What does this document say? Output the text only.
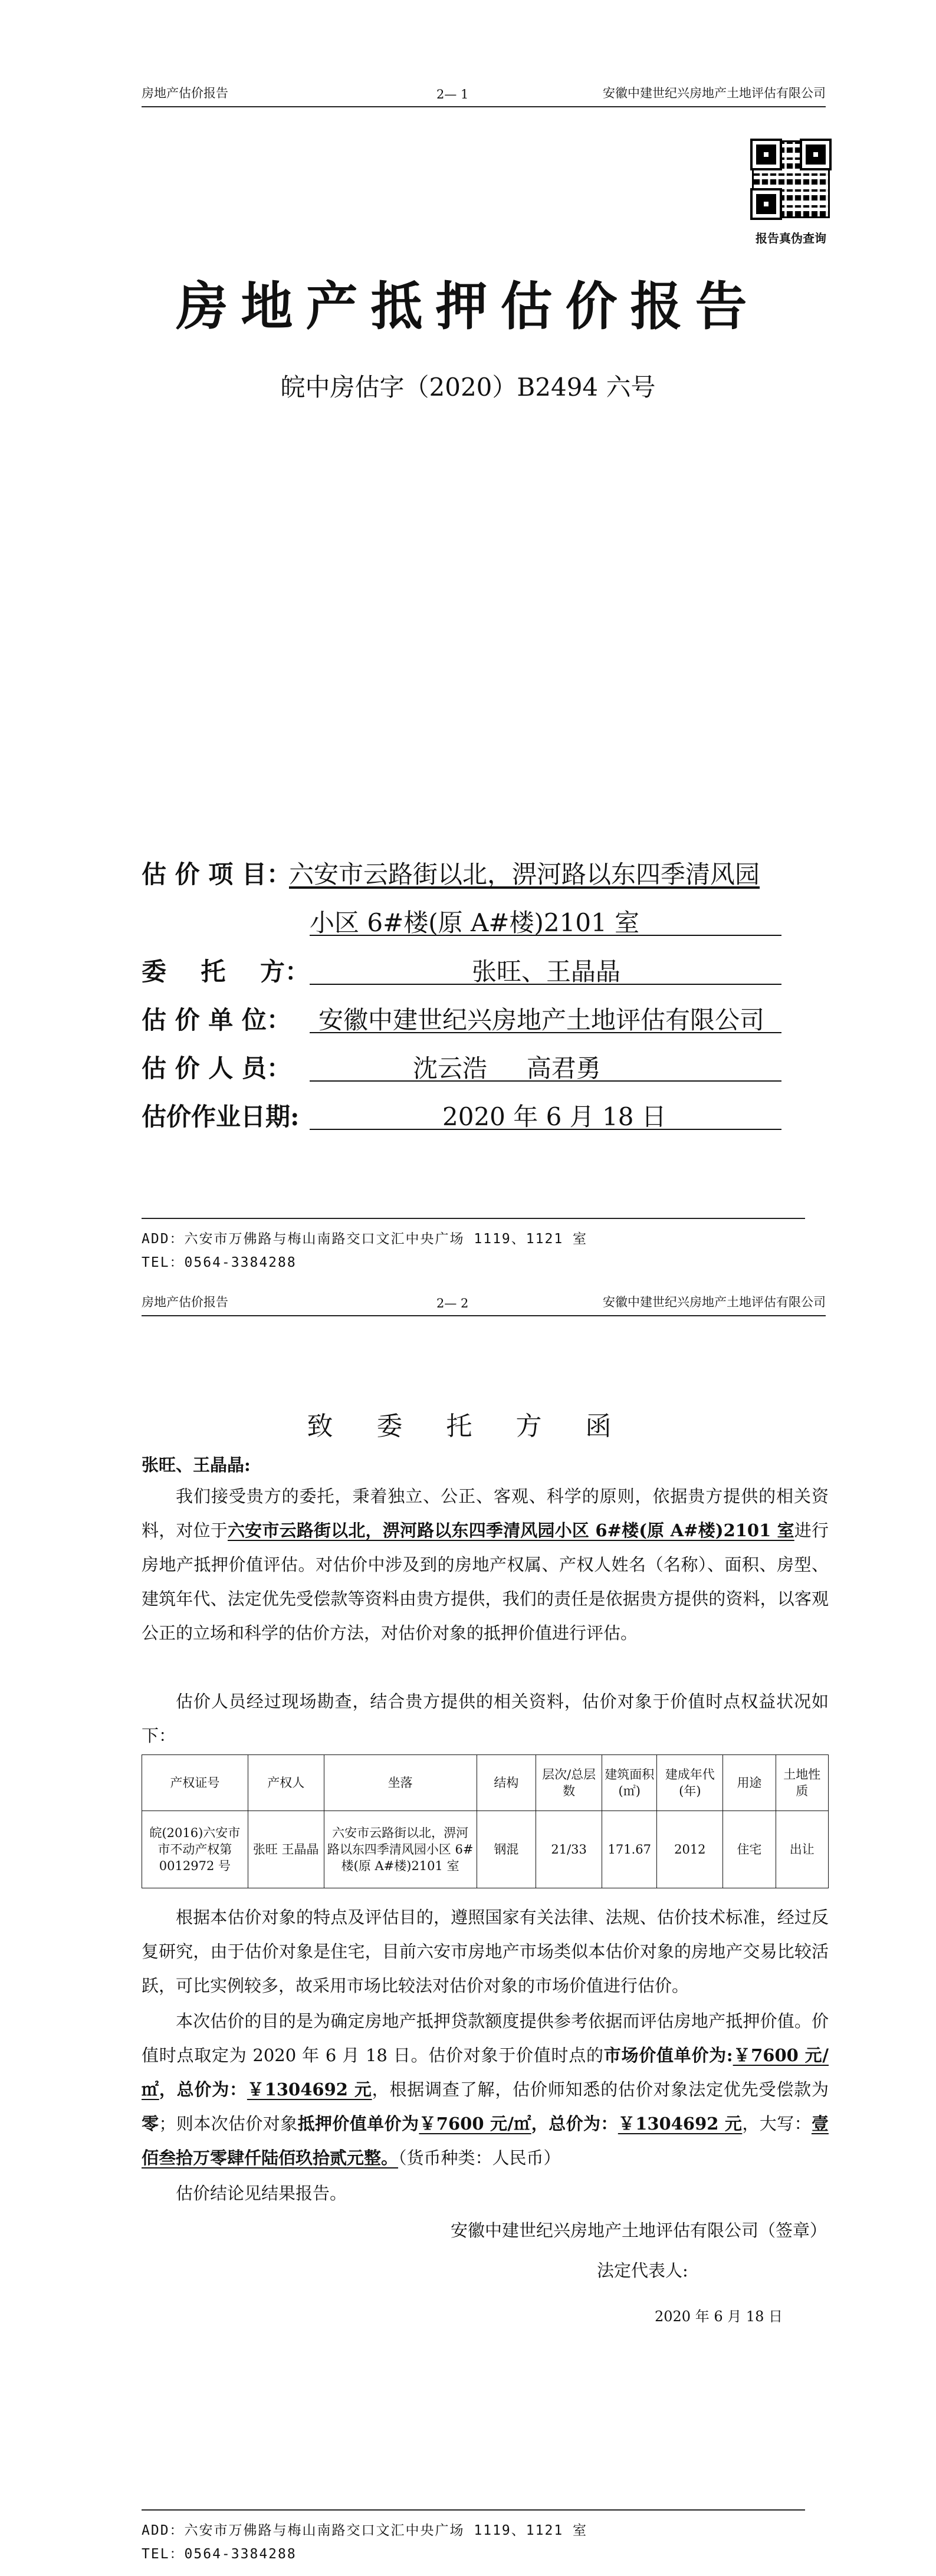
房地产估价报告	2— 1	安徽中建世纪兴房地产土地评估有限公司
报告真伪查询
房地产抵押估价报告
皖中房估字（2020）B2494 六号
估 价 项 目：
六安市云路街以北，淠河路以东四季清风园
小区 6#楼(原 A#楼)2101 室
委    托    方：	张旺、王晶晶
估 价 单 位： 安徽中建世纪兴房地产土地评估有限公司
估 价 人 员：	沈云浩     高君勇
估价作业日期:	2020 年 6 月 18 日
ADD：六安市万佛路与梅山南路交口文汇中央广场 1119、1121 室
TEL：0564-3384288
房地产估价报告	2— 2	安徽中建世纪兴房地产土地评估有限公司
致 委 托 方 函
张旺、王晶晶:
我们接受贵方的委托，秉着独立、公正、客观、科学的原则，依据贵方提供的相关资料，对位于六安市云路街以北，淠河路以东四季清风园小区 6#楼(原 A#楼)2101 室进行房地产抵押价值评估。对估价中涉及到的房地产权属、产权人姓名（名称）、面积、房型、建筑年代、法定优先受偿款等资料由贵方提供，我们的责任是依据贵方提供的资料，以客观公正的立场和科学的估价方法，对估价对象的抵押价值进行评估。
估价人员经过现场勘查，结合贵方提供的相关资料，估价对象于价值时点权益状况如下：
产权证号	产权人	坐落	结构	层次/总层数	建筑面积(㎡)	建成年代(年)	用途	土地性质
皖(2016)六安市市不动产权第 0012972 号	张旺 王晶晶	六安市云路街以北，淠河路以东四季清风园小区 6#楼(原 A#楼)2101 室	钢混	21/33	171.67	2012	住宅	出让
根据本估价对象的特点及评估目的，遵照国家有关法律、法规、估价技术标准，经过反复研究，由于估价对象是住宅，目前六安市房地产市场类似本估价对象的房地产交易比较活跃，可比实例较多，故采用市场比较法对估价对象的市场价值进行估价。
本次估价的目的是为确定房地产抵押贷款额度提供参考依据而评估房地产抵押价值。价值时点取定为 2020 年 6 月 18 日。估价对象于价值时点的市场价值单价为:￥7600 元/㎡，总价为：￥1304692 元，根据调查了解，估价师知悉的估价对象法定优先受偿款为零；则本次估价对象抵押价值单价为￥7600 元/㎡，总价为：￥1304692 元，大写：壹佰叁拾万零肆仟陆佰玖拾贰元整。（货币种类：人民币）
估价结论见结果报告。
安徽中建世纪兴房地产土地评估有限公司（签章）
法定代表人:
2020 年 6 月 18 日
ADD：六安市万佛路与梅山南路交口文汇中央广场 1119、1121 室
TEL：0564-3384288
